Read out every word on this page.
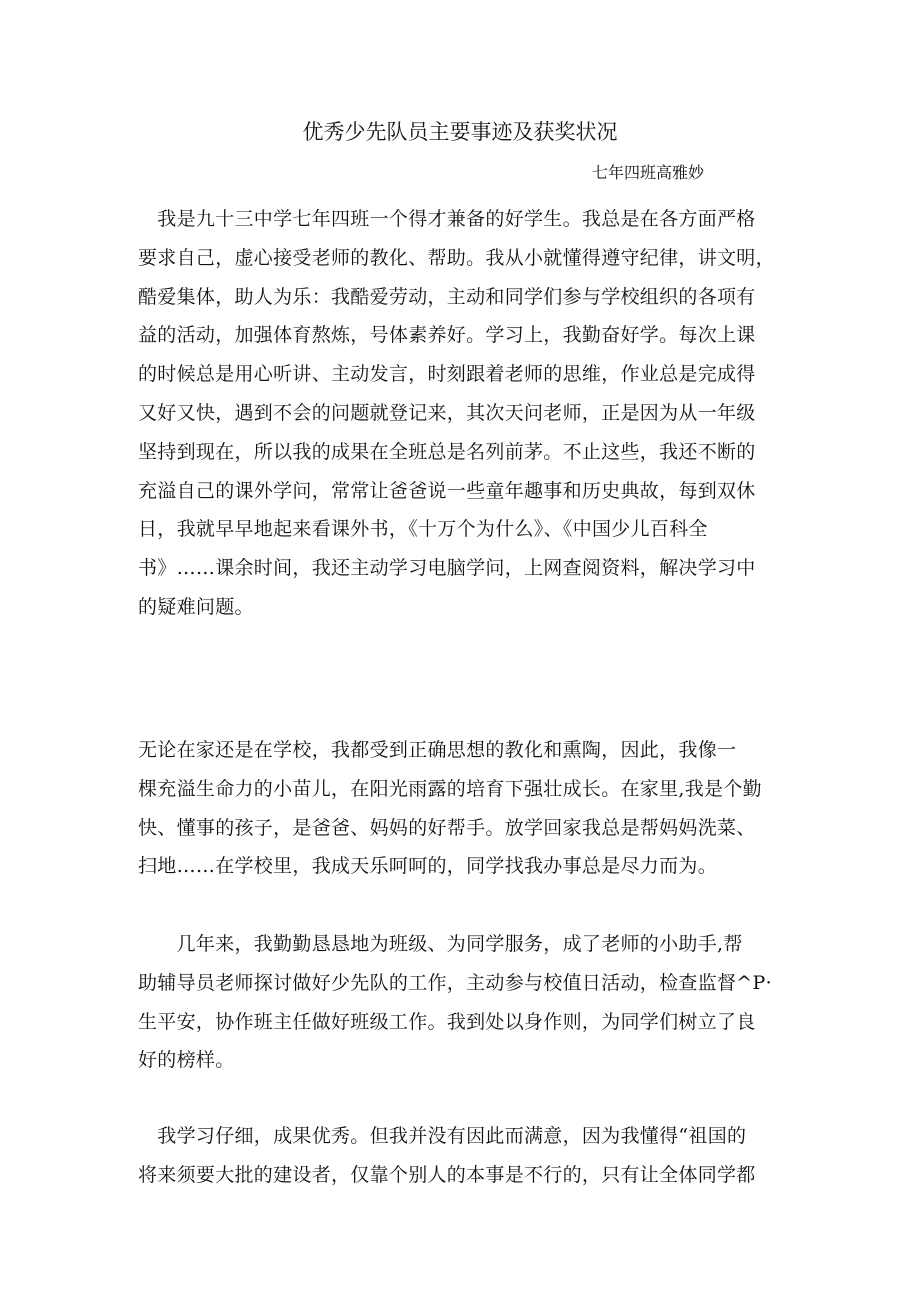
优秀少先队员主要事迹及获奖状况

七年四班高雅妙

　我是九十三中学七年四班一个得才兼备的好学生。我总是在各方面严格
要求自己，虚心接受老师的教化、帮助。我从小就懂得遵守纪律，讲文明，
酷爱集体，助人为乐：我酷爱劳动，主动和同学们参与学校组织的各项有
益的活动，加强体育熬炼，号体素养好。学习上，我勤奋好学。每次上课
的时候总是用心听讲、主动发言，时刻跟着老师的思维，作业总是完成得
又好又快，遇到不会的问题就登记来，其次天问老师，正是因为从一年级
坚持到现在，所以我的成果在全班总是名列前茅。不止这些，我还不断的
充溢自己的课外学问，常常让爸爸说一些童年趣事和历史典故，每到双休
日，我就早早地起来看课外书，《十万个为什么》、《中国少儿百科全
书》……课余时间，我还主动学习电脑学问，上网查阅资料，解决学习中
的疑难问题。
无论在家还是在学校，我都受到正确思想的教化和熏陶，因此，我像一
棵充溢生命力的小苗儿，在阳光雨露的培育下强壮成长。在家里,我是个勤
快、懂事的孩子，是爸爸、妈妈的好帮手。放学回家我总是帮妈妈洗菜、
扫地……在学校里，我成天乐呵呵的，同学找我办事总是尽力而为。
　　几年来，我勤勤恳恳地为班级、为同学服务，成了老师的小助手,帮
助辅导员老师探讨做好少先队的工作，主动参与校值日活动，检查监督^P·
生平安，协作班主任做好班级工作。我到处以身作则，为同学们树立了良
好的榜样。
　我学习仔细，成果优秀。但我并没有因此而满意，因为我懂得“祖国的
将来须要大批的建设者，仅靠个别人的本事是不行的，只有让全体同学都
